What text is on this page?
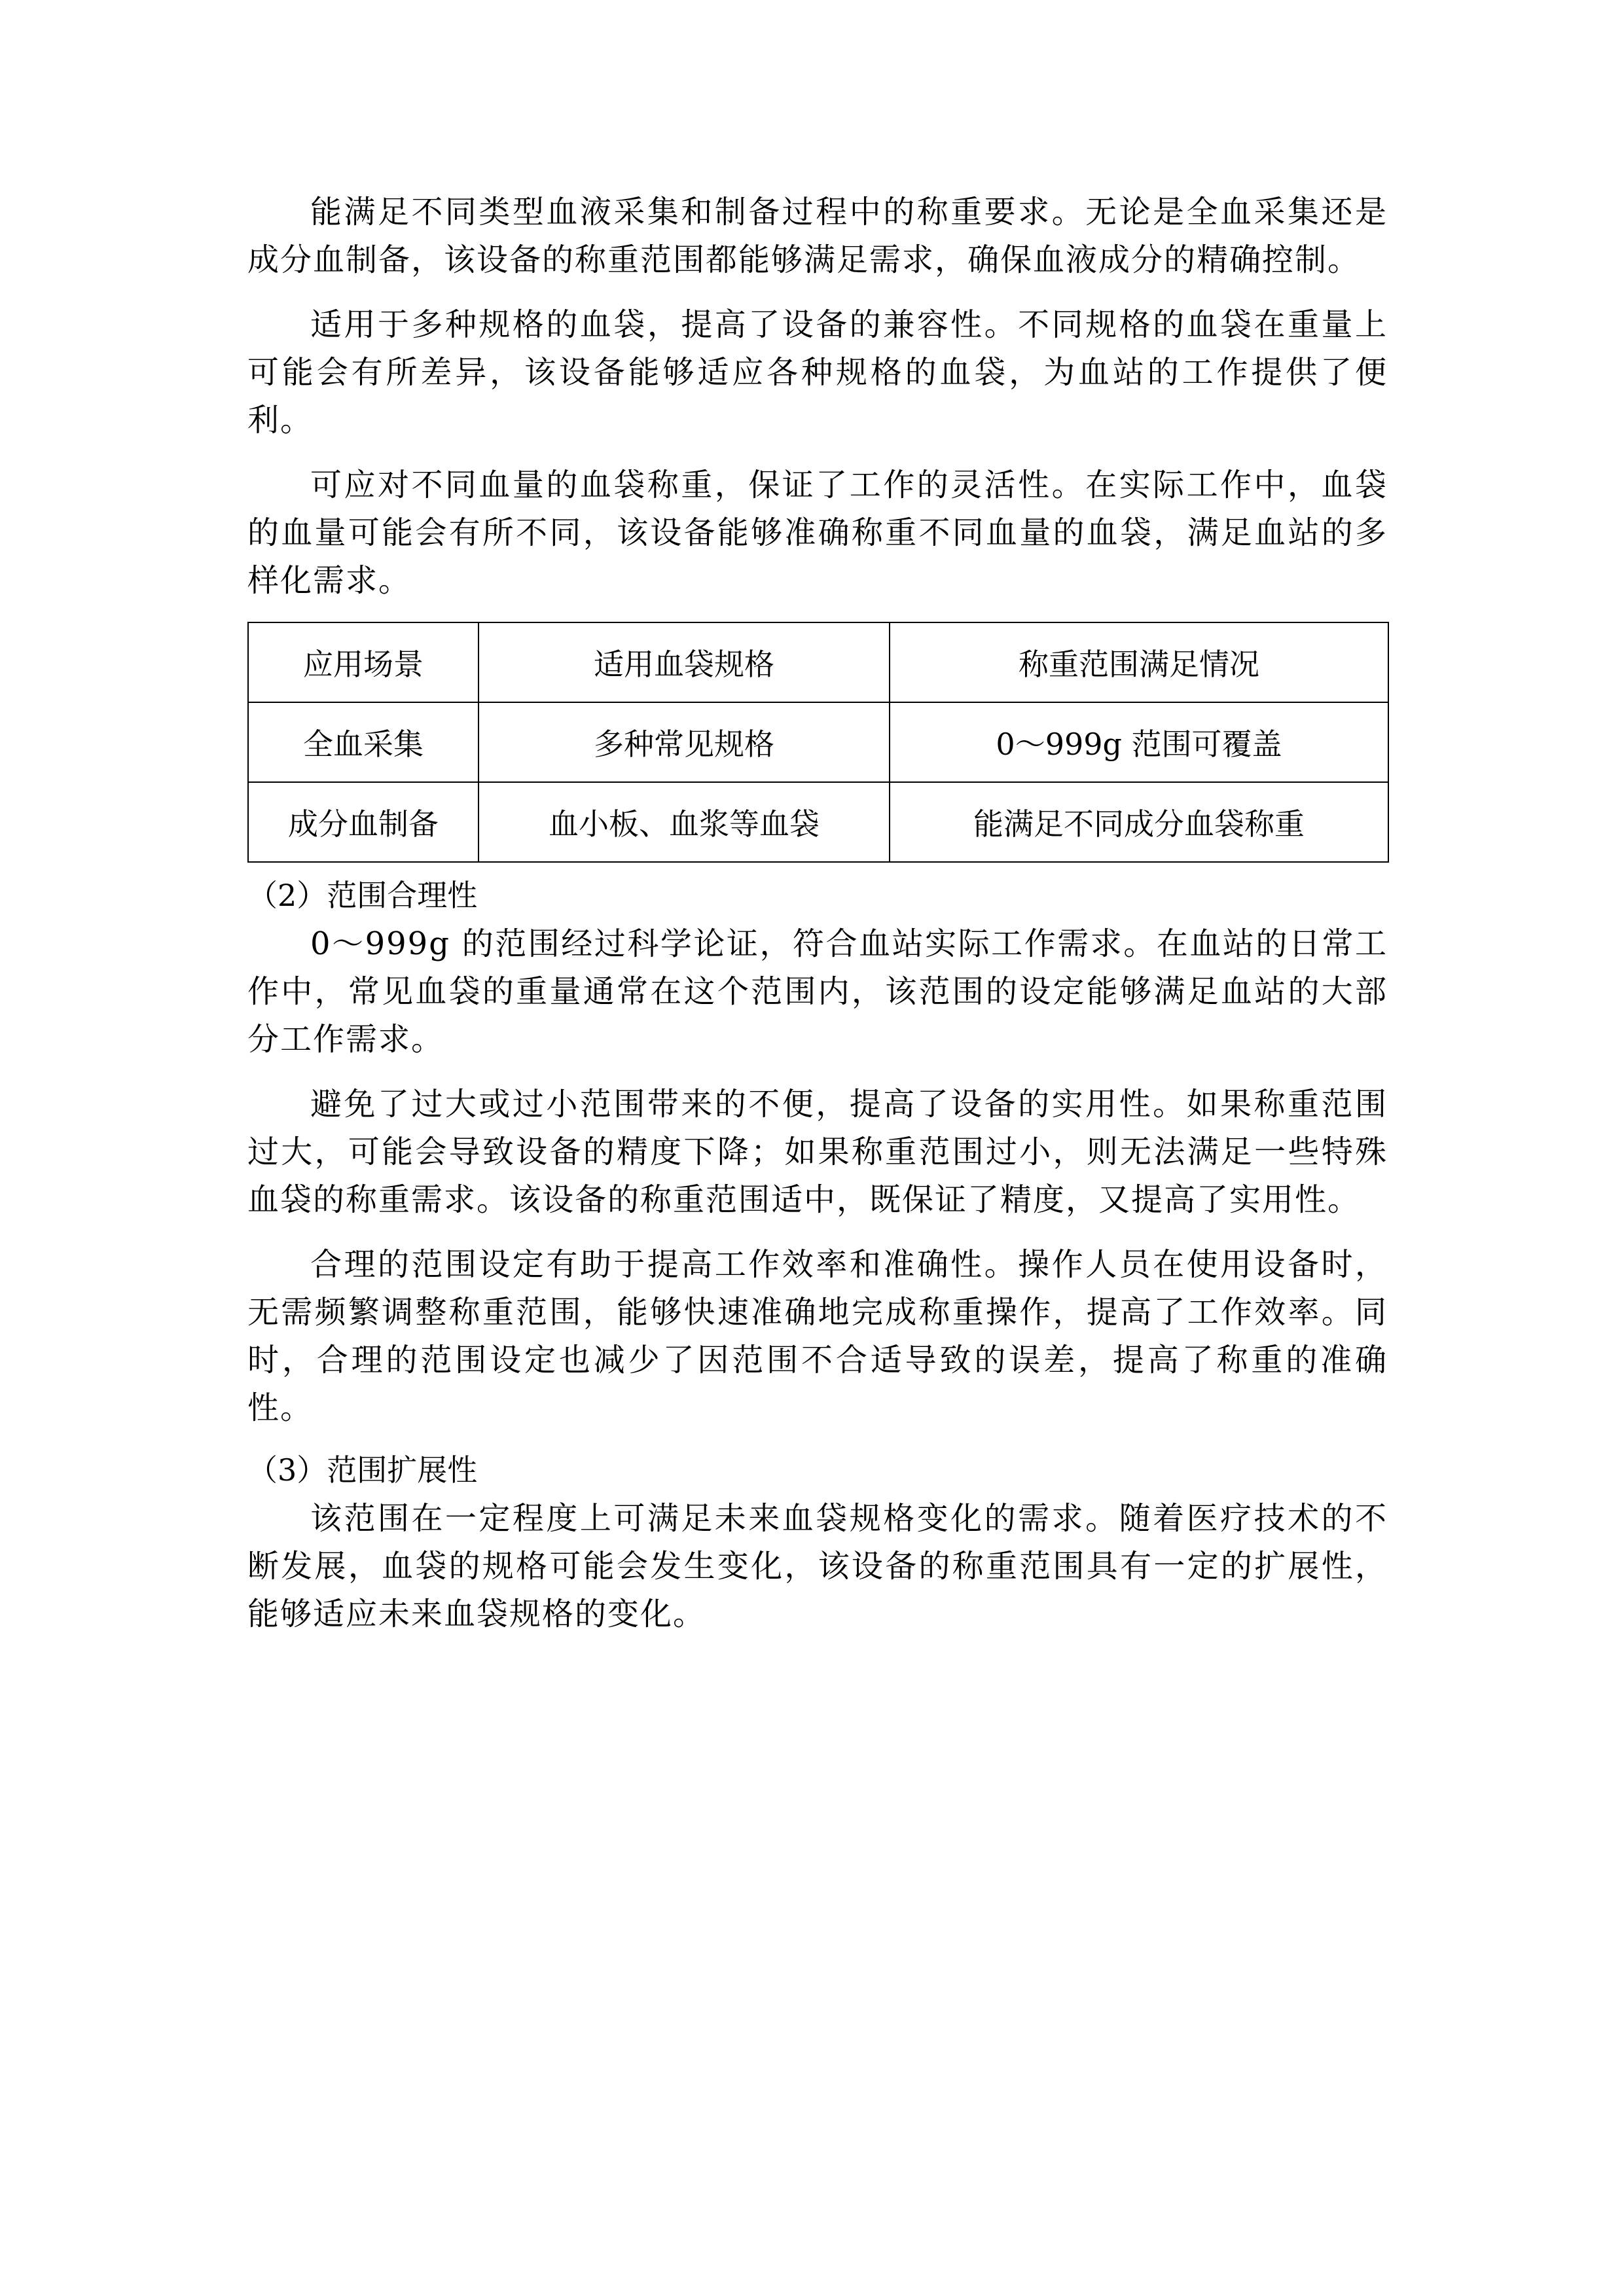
能满足不同类型血液采集和制备过程中的称重要求。无论是全血采集还是成分血制备，该设备的称重范围都能够满足需求，确保血液成分的精确控制。

适用于多种规格的血袋，提高了设备的兼容性。不同规格的血袋在重量上可能会有所差异，该设备能够适应各种规格的血袋，为血站的工作提供了便利。

可应对不同血量的血袋称重，保证了工作的灵活性。在实际工作中，血袋的血量可能会有所不同，该设备能够准确称重不同血量的血袋，满足血站的多样化需求。

应用场景	适用血袋规格	称重范围满足情况
全血采集	多种常见规格	0～999g 范围可覆盖
成分血制备	血小板、血浆等血袋	能满足不同成分血袋称重

（2）范围合理性

0～999g 的范围经过科学论证，符合血站实际工作需求。在血站的日常工作中，常见血袋的重量通常在这个范围内，该范围的设定能够满足血站的大部分工作需求。

避免了过大或过小范围带来的不便，提高了设备的实用性。如果称重范围过大，可能会导致设备的精度下降；如果称重范围过小，则无法满足一些特殊血袋的称重需求。该设备的称重范围适中，既保证了精度，又提高了实用性。

合理的范围设定有助于提高工作效率和准确性。操作人员在使用设备时，无需频繁调整称重范围，能够快速准确地完成称重操作，提高了工作效率。同时，合理的范围设定也减少了因范围不合适导致的误差，提高了称重的准确性。

（3）范围扩展性

该范围在一定程度上可满足未来血袋规格变化的需求。随着医疗技术的不断发展，血袋的规格可能会发生变化，该设备的称重范围具有一定的扩展性，能够适应未来血袋规格的变化。
